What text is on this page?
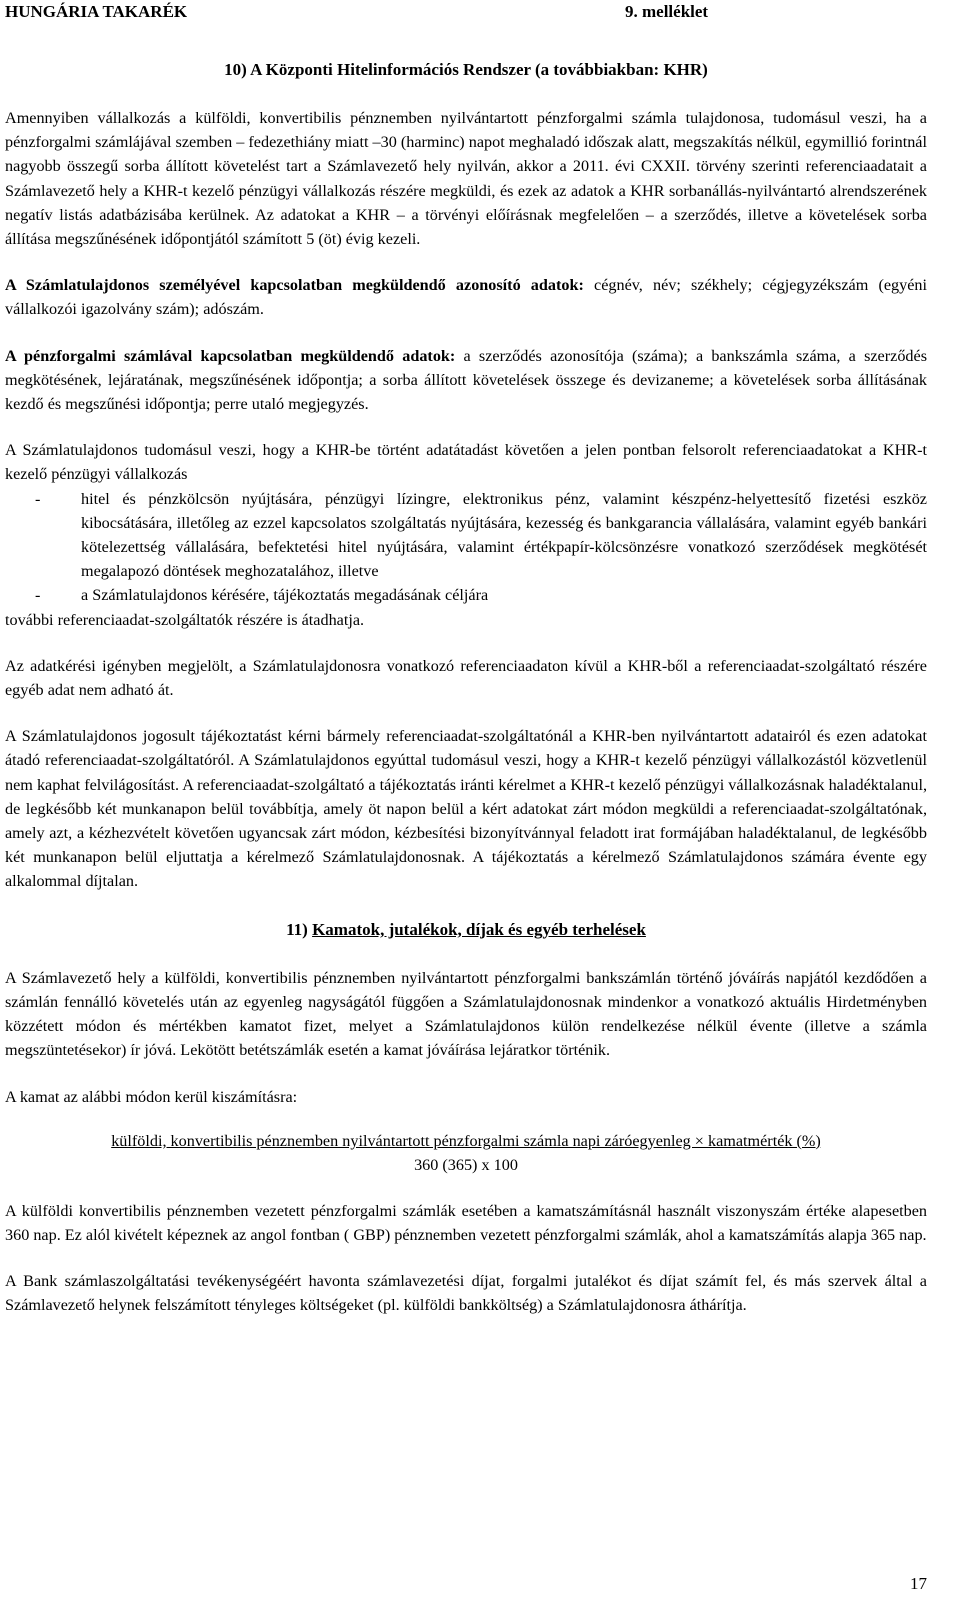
HUNGÁRIA TAKARÉK	9. melléklet
10) A Központi Hitelinformációs Rendszer (a továbbiakban: KHR)

Amennyiben vállalkozás a külföldi, konvertibilis pénznemben nyilvántartott pénzforgalmi számla tulajdonosa, tudomásul veszi, ha a pénzforgalmi számlájával szemben – fedezethiány miatt –30 (harminc) napot meghaladó időszak alatt, megszakítás nélkül, egymillió forintnál nagyobb összegű sorba állított követelést tart a Számlavezető hely nyilván, akkor a 2011. évi CXXII. törvény szerinti referenciaadatait a Számlavezető hely a KHR-t kezelő pénzügyi vállalkozás részére megküldi, és ezek az adatok a KHR sorbanállás-nyilvántartó alrendszerének negatív listás adatbázisába kerülnek. Az adatokat a KHR – a törvényi előírásnak megfelelően – a szerződés, illetve a követelések sorba állítása megszűnésének időpontjától számított 5 (öt) évig kezeli.

A Számlatulajdonos személyével kapcsolatban megküldendő azonosító adatok: cégnév, név; székhely; cégjegyzékszám (egyéni vállalkozói igazolvány szám); adószám.

A pénzforgalmi számlával kapcsolatban megküldendő adatok: a szerződés azonosítója (száma); a bankszámla száma, a szerződés megkötésének, lejáratának, megszűnésének időpontja; a sorba állított követelések összege és devizaneme; a követelések sorba állításának kezdő és megszűnési időpontja; perre utaló megjegyzés.

A Számlatulajdonos tudomásul veszi, hogy a KHR-be történt adatátadást követően a jelen pontban felsorolt referenciaadatokat a KHR-t kezelő pénzügyi vállalkozás

-	hitel és pénzkölcsön nyújtására, pénzügyi lízingre, elektronikus pénz, valamint készpénz-helyettesítő fizetési eszköz kibocsátására, illetőleg az ezzel kapcsolatos szolgáltatás nyújtására, kezesség és bankgarancia vállalására, valamint egyéb bankári kötelezettség vállalására, befektetési hitel nyújtására, valamint értékpapír-kölcsönzésre vonatkozó szerződések megkötését megalapozó döntések meghozatalához, illetve
-	a Számlatulajdonos kérésére, tájékoztatás megadásának céljára

további referenciaadat-szolgáltatók részére is átadhatja.

Az adatkérési igényben megjelölt, a Számlatulajdonosra vonatkozó referenciaadaton kívül a KHR-ből a referenciaadat-szolgáltató részére egyéb adat nem adható át.

A Számlatulajdonos jogosult tájékoztatást kérni bármely referenciaadat-szolgáltatónál a KHR-ben nyilvántartott adatairól és ezen adatokat átadó referenciaadat-szolgáltatóról. A Számlatulajdonos egyúttal tudomásul veszi, hogy a KHR-t kezelő pénzügyi vállalkozástól közvetlenül nem kaphat felvilágosítást. A referenciaadat-szolgáltató a tájékoztatás iránti kérelmet a KHR-t kezelő pénzügyi vállalkozásnak haladéktalanul, de legkésőbb két munkanapon belül továbbítja, amely öt napon belül a kért adatokat zárt módon megküldi a referenciaadat-szolgáltatónak, amely azt, a kézhezvételt követően ugyancsak zárt módon, kézbesítési bizonyítvánnyal feladott irat formájában haladéktalanul, de legkésőbb két munkanapon belül eljuttatja a kérelmező Számlatulajdonosnak. A tájékoztatás a kérelmező Számlatulajdonos számára évente egy alkalommal díjtalan.

11) Kamatok, jutalékok, díjak és egyéb terhelések

A Számlavezető hely a külföldi, konvertibilis pénznemben nyilvántartott pénzforgalmi bankszámlán történő jóváírás napjától kezdődően a számlán fennálló követelés után az egyenleg nagyságától függően a Számlatulajdonosnak mindenkor a vonatkozó aktuális Hirdetményben közzétett módon és mértékben kamatot fizet, melyet a Számlatulajdonos külön rendelkezése nélkül évente (illetve a számla megszüntetésekor) ír jóvá. Lekötött betétszámlák esetén a kamat jóváírása lejáratkor történik.

A kamat az alábbi módon kerül kiszámításra:

külföldi, konvertibilis pénznemben nyilvántartott pénzforgalmi számla napi záróegyenleg × kamatmérték (%)
360 (365) x 100

A külföldi konvertibilis pénznemben vezetett pénzforgalmi számlák esetében a kamatszámításnál használt viszonyszám értéke alapesetben 360 nap. Ez alól kivételt képeznek az angol fontban ( GBP) pénznemben vezetett pénzforgalmi számlák, ahol a kamatszámítás alapja 365 nap.

A Bank számlaszolgáltatási tevékenységéért havonta számlavezetési díjat, forgalmi jutalékot és díjat számít fel, és más szervek által a Számlavezető helynek felszámított tényleges költségeket (pl. külföldi bankköltség) a Számlatulajdonosra áthárítja.

17
